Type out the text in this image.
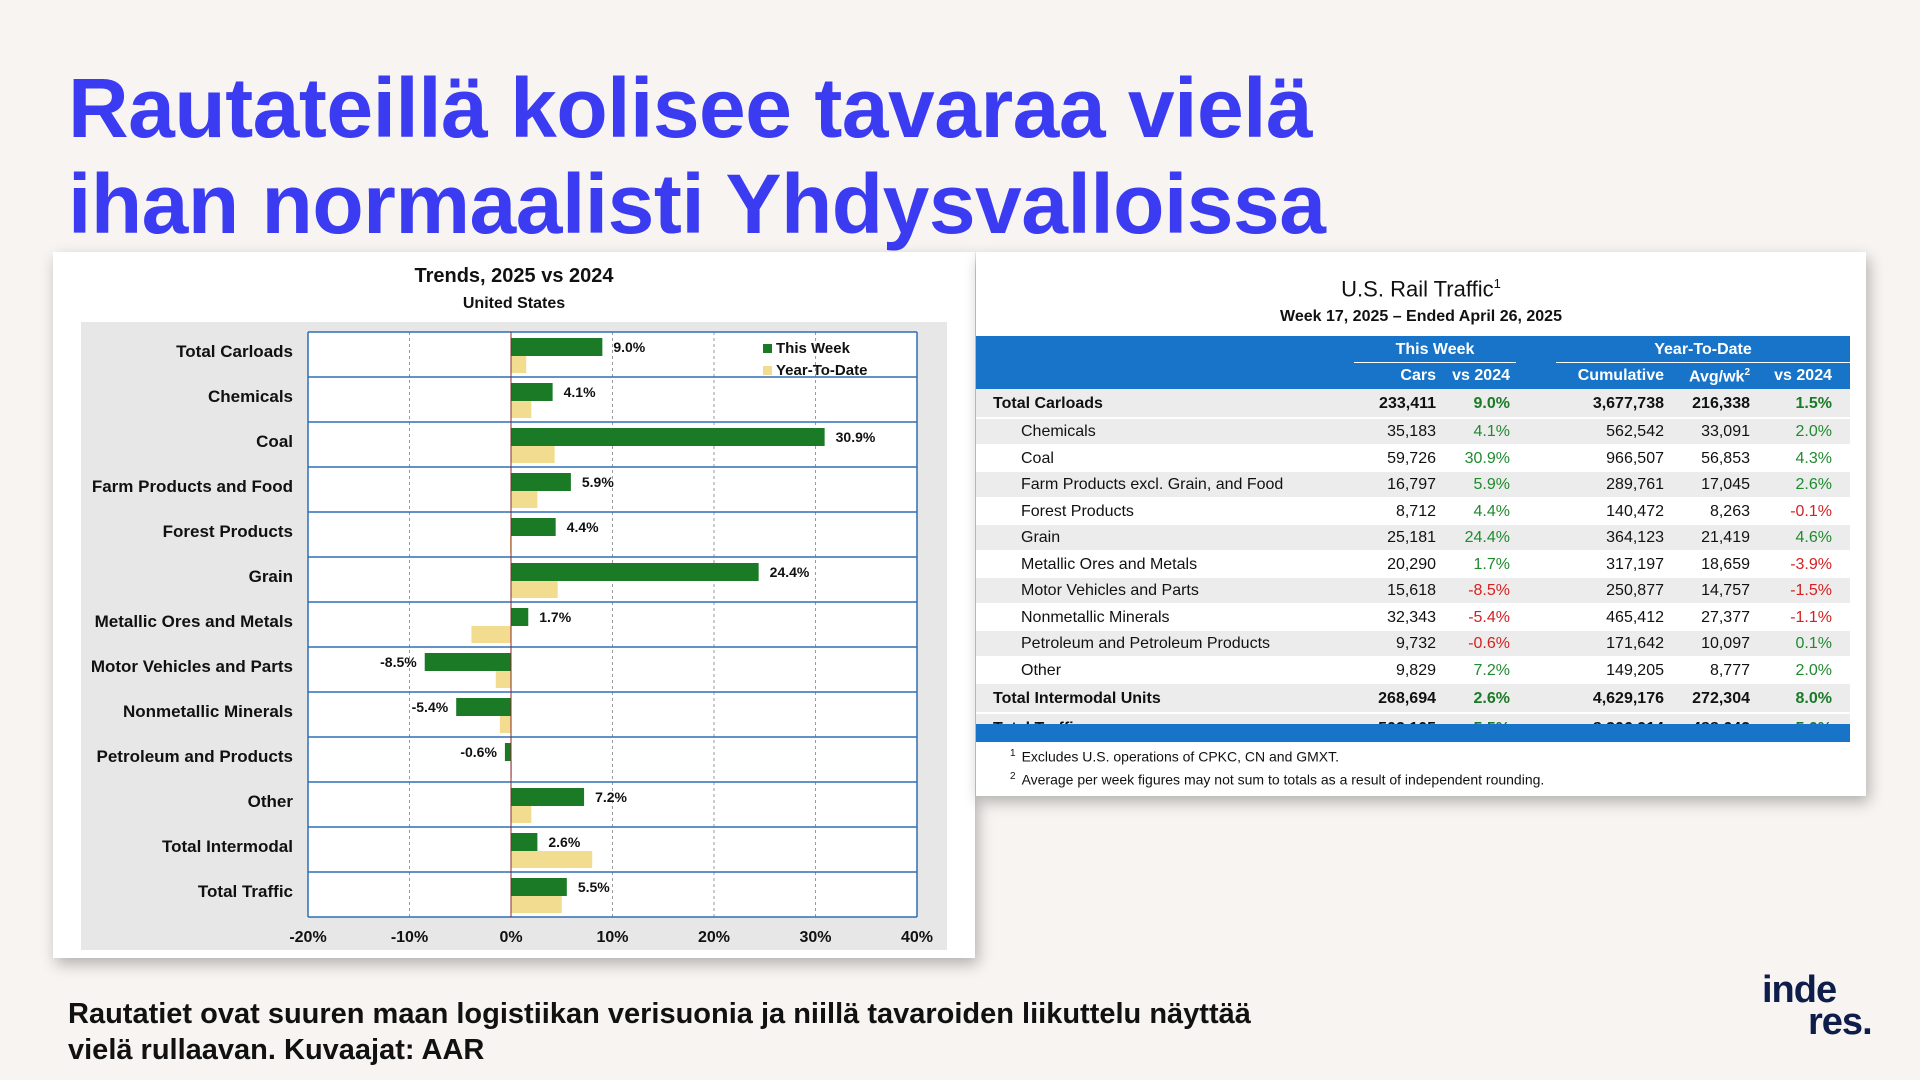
Rautateillä kolisee tavaraa vielä
ihan normaalisti Yhdysvalloissa
Trends, 2025 vs 2024
United States
Total Carloads	9.0%
Chemicals	4.1%
Coal	30.9%
Farm Products and Food	5.9%
Forest Products	4.4%
Grain	24.4%
Metallic Ores and Metals	1.7%
Motor Vehicles and Parts	-8.5%
Nonmetallic Minerals	-5.4%
Petroleum and Products	-0.6%
Other	7.2%
Total Intermodal	2.6%
Total Traffic	5.5%
-20%	-10%	0%	10%	20%	30%	40%
This Week
Year-To-Date
U.S. Rail Traffic$^1$
Week 17, 2025 – Ended April 26, 2025
This Week	Year-To-Date
Cars vs 2024	Cumulative Avg/$wk^2$ vs 2024
Total Carloads	233,411 9.0%	3,677,738 216,338	1.5%
Chemicals	35,183 4.1%	562,542 33,091	2.0%
Coal	59,726 30.9%	966,507 56,853	4.3%
Farm Products excl. Grain, and Food	16,797 5.9%	289,761 17,045	2.6%
Forest Products	8,712 4.4%	140,472	8,263	-0.1%
Grain	25,181 24.4%	364,123 21,419	4.6%
Metallic Ores and Metals	20,290 1.7%	317,197 18,659	-3.9%
Motor Vehicles and Parts	15,618 -8.5%	250,877 14,757	-1.5%
Nonmetallic Minerals	32,343 -5.4%	465,412 27,377	-1.1%
Petroleum and Petroleum Products	9,732 -0.6%	171,642 10,097	0.1%
Other	9,829 7.2%	149,205	8,777	2.0%
Total Intermodal Units	268,694 2.6%	4,629,176 272,304	8.0%
$^1$ Excludes U.S. operations of CPKC, CN and GMXT.
$^2$ Average per week figures may not sum to totals as a result of independent rounding.

Rautatiet ovat suuren maan logistiikan verisuonia ja niillä tavaroiden liikuttelu näyttää
vielä rullaavan. Kuvaajat: AAR

inde
res.
